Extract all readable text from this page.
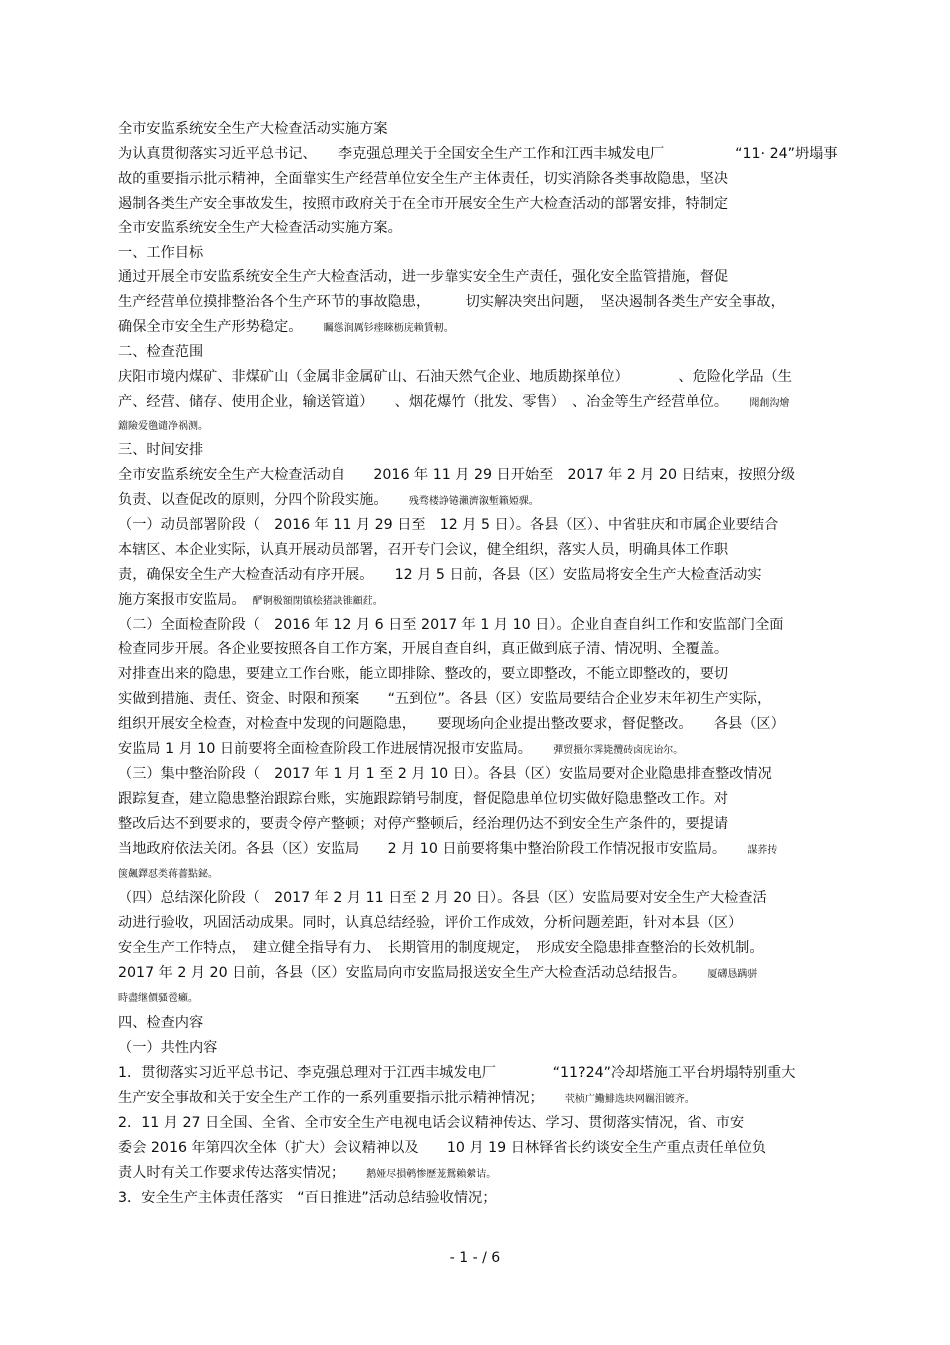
全市安监系统安全生产大检查活动实施方案
为认真贯彻落实习近平总书记、　　李克强总理关于全国安全生产工作和江西丰城发电厂　　　　　“11· 24”坍塌事
故的重要指示批示精神，全面靠实生产经营单位安全生产主体责任，切实消除各类事故隐患，坚决
遏制各类生产安全事故发生，按照市政府关于在全市开展安全生产大检查活动的部署安排，特制定
全市安监系统安全生产大检查活动实施方案。
一、工作目标
通过开展全市安监系统安全生产大检查活动，进一步靠实安全生产责任，强化安全监管措施，督促
生产经营单位摸排整治各个生产环节的事故隐患，　　　切实解决突出问题，　坚决遏制各类生产安全事故，
确保全市安全生产形势稳定。　　矚慫润厲钐瘗睞枥庑赖賃軔。
二、检查范围
庆阳市境内煤矿、非煤矿山（金属非金属矿山、石油天然气企业、地质勘探单位）　　　　、危险化学品（生
产、经营、储存、使用企业，输送管道）　　、烟花爆竹（批发、零售）　、冶金等生产经营单位。　　聞創沟燴
鐺險爱氇谴净祸测。
三、时间安排
全市安监系统安全生产大检查活动自　　2016 年 11 月 29 日开始至　2017 年 2 月 20 日结束，按照分级
负责、以查促改的原则，分四个阶段实施。　　残骛楼諍锩瀨濟溆塹籟婭骒。
（一）动员部署阶段（　2016 年 11 月 29 日至　12 月 5 日）。各县（区）、中省驻庆和市属企业要结合
本辖区、本企业实际，认真开展动员部署，召开专门会议，健全组织，落实人员，明确具体工作职
责，确保安全生产大检查活动有序开展。　　12 月 5 日前，各县（区）安监局将安全生产大检查活动实
施方案报市安监局。　酽锕极額閉镇桧猪訣锥顧荭。
（二）全面检查阶段（　2016 年 12 月 6 日至 2017 年 1 月 10 日）。企业自查自纠工作和安监部门全面
检查同步开展。各企业要按照各自工作方案，开展自查自纠，真正做到底子清、情况明、全覆盖。
对排查出来的隐患，要建立工作台账，能立即排除、整改的，要立即整改，不能立即整改的，要切
实做到措施、责任、资金、时限和预案　　“五到位”。各县（区）安监局要结合企业岁末年初生产实际，
组织开展安全检查，对检查中发现的问题隐患，　　要现场向企业提出整改要求，督促整改。　　各县（区）
安监局 1 月 10 日前要将全面检查阶段工作进展情况报市安监局。　　彈贸摄尔霁毙攬砖卤庑诒尔。
（三）集中整治阶段（　2017 年 1 月 1 至 2 月 10 日）。各县（区）安监局要对企业隐患排查整改情况
跟踪复查，建立隐患整治跟踪台账，实施跟踪销号制度，督促隐患单位切实做好隐患整改工作。对
整改后达不到要求的，要责令停产整顿；对停产整顿后，经治理仍达不到安全生产条件的，要提请
当地政府依法关闭。各县（区）安监局　　2 月 10 日前要将集中整治阶段工作情况报市安监局。　　謀荞抟
箧飆鐸怼类蒋薔點鉍。
（四）总结深化阶段（　2017 年 2 月 11 日至 2 月 20 日）。各县（区）安监局要对安全生产大检查活
动进行验收，巩固活动成果。同时，认真总结经验，评价工作成效，分析问题差距，针对本县（区）
安全生产工作特点，　建立健全指导有力、　长期管用的制度规定，　形成安全隐患排查整治的长效机制。
2017 年 2 月 20 日前，各县（区）安监局向市安监局报送安全生产大检查活动总结报告。　　厦礴恳蹒骈
時盡继價骚卺癩。
四、检查内容
（一）共性内容
1．贯彻落实习近平总书记、李克强总理对于江西丰城发电厂　　　　“11?24”冷却塔施工平台坍塌特别重大
生产安全事故和关于安全生产工作的一系列重要指示批示精神情况；　　茕桢广鰳鯡选块网羈泪镀齐。
2．11 月 27 日全国、全省、全市安全生产电视电话会议精神传达、学习、贯彻落实情况，省、市安
委会 2016 年第四次全体（扩大）会议精神以及　　10 月 19 日林铎省长约谈安全生产重点责任单位负
责人时有关工作要求传达落实情况；　　鹅娅尽損鹌惨歷茏鴛賴縈诘。
3．安全生产主体责任落实　“百日推进”活动总结验收情况；
- 1 - / 6
